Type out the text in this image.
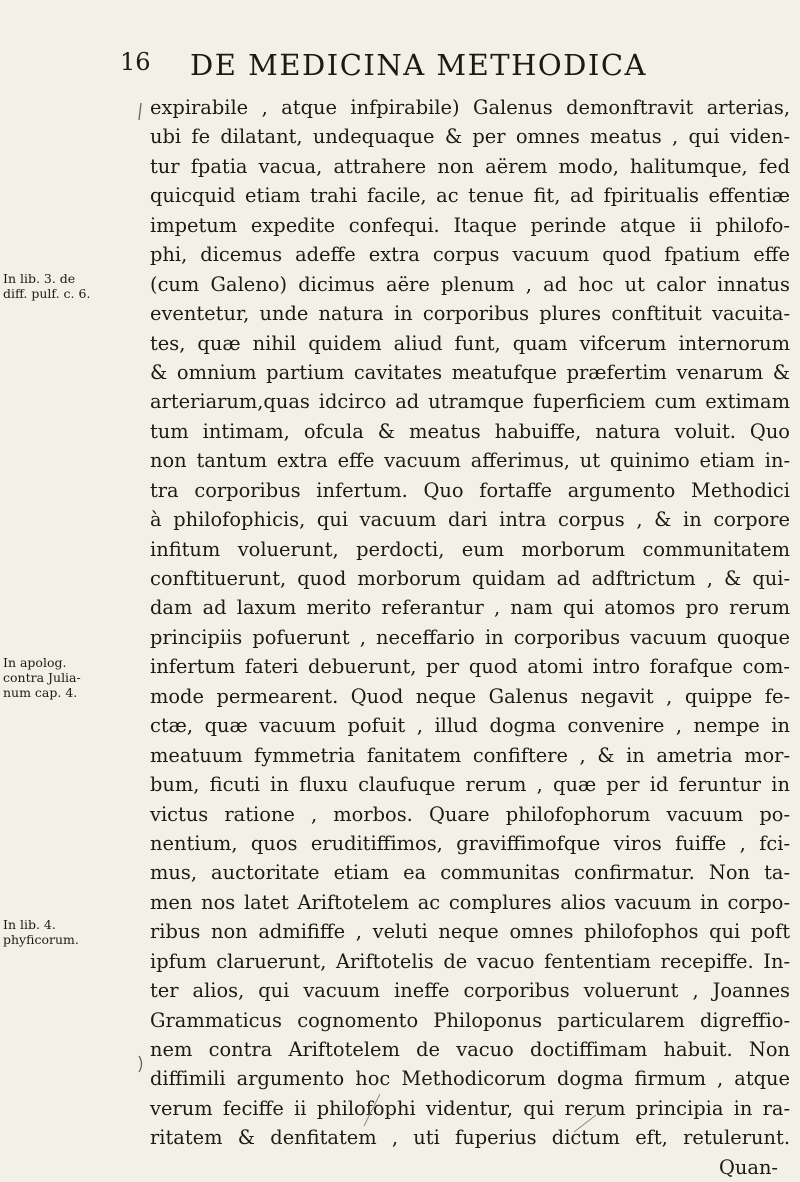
16 DE MEDICINA METHODICA
expirabile , atque infpirabile) Galenus demonftravit arterias,
ubi fe dilatant, undequaque & per omnes meatus , qui viden-
tur fpatia vacua, attrahere non aërem modo, halitumque, fed
quicquid etiam trahi facile, ac tenue fit, ad fpiritualis effentiæ
impetum expedite confequi. Itaque perinde atque ii philofo-
phi, dicemus adeffe extra corpus vacuum quod fpatium effe
(cum Galeno) dicimus aëre plenum , ad hoc ut calor innatus
eventetur, unde natura in corporibus plures conftituit vacuita-
tes, quæ nihil quidem aliud funt, quam vifcerum internorum
& omnium partium cavitates meatufque præfertim venarum &
arteriarum,quas idcirco ad utramque fuperficiem cum extimam
tum intimam, ofcula & meatus habuiffe, natura voluit. Quo
non tantum extra effe vacuum afferimus, ut quinimo etiam in-
tra corporibus infertum. Quo fortaffe argumento Methodici
à philofophicis, qui vacuum dari intra corpus , & in corpore
infitum voluerunt, perdocti, eum morborum communitatem
conftituerunt, quod morborum quidam ad adftrictum , & qui-
dam ad laxum merito referantur , nam qui atomos pro rerum
principiis pofuerunt , neceffario in corporibus vacuum quoque
infertum fateri debuerunt, per quod atomi intro forafque com-
mode permearent. Quod neque Galenus negavit , quippe fe-
ctæ, quæ vacuum pofuit , illud dogma convenire , nempe in
meatuum fymmetria fanitatem confiftere , & in ametria mor-
bum, ficuti in fluxu claufuque rerum , quæ per id feruntur in
victus ratione , morbos. Quare philofophorum vacuum po-
nentium, quos eruditiffimos, graviffimofque viros fuiffe , fci-
mus, auctoritate etiam ea communitas confirmatur. Non ta-
men nos latet Ariftotelem ac complures alios vacuum in corpo-
ribus non admififfe , veluti neque omnes philofophos qui poft
ipfum claruerunt, Ariftotelis de vacuo fententiam recepiffe. In-
ter alios, qui vacuum ineffe corporibus voluerunt , Joannes
Grammaticus cognomento Philoponus particularem digreffio-
nem contra Ariftotelem de vacuo doctiffimam habuit. Non
diffimili argumento hoc Methodicorum dogma firmum , atque
verum feciffe ii philofophi videntur, qui rerum principia in ra-
ritatem & denfitatem , uti fuperius dictum eft, retulerunt.
Quan-
In lib. 3. de
diff. pulf. c. 6.
In apolog.
contra Julia-
num cap. 4.
In lib. 4.
phyficorum.
